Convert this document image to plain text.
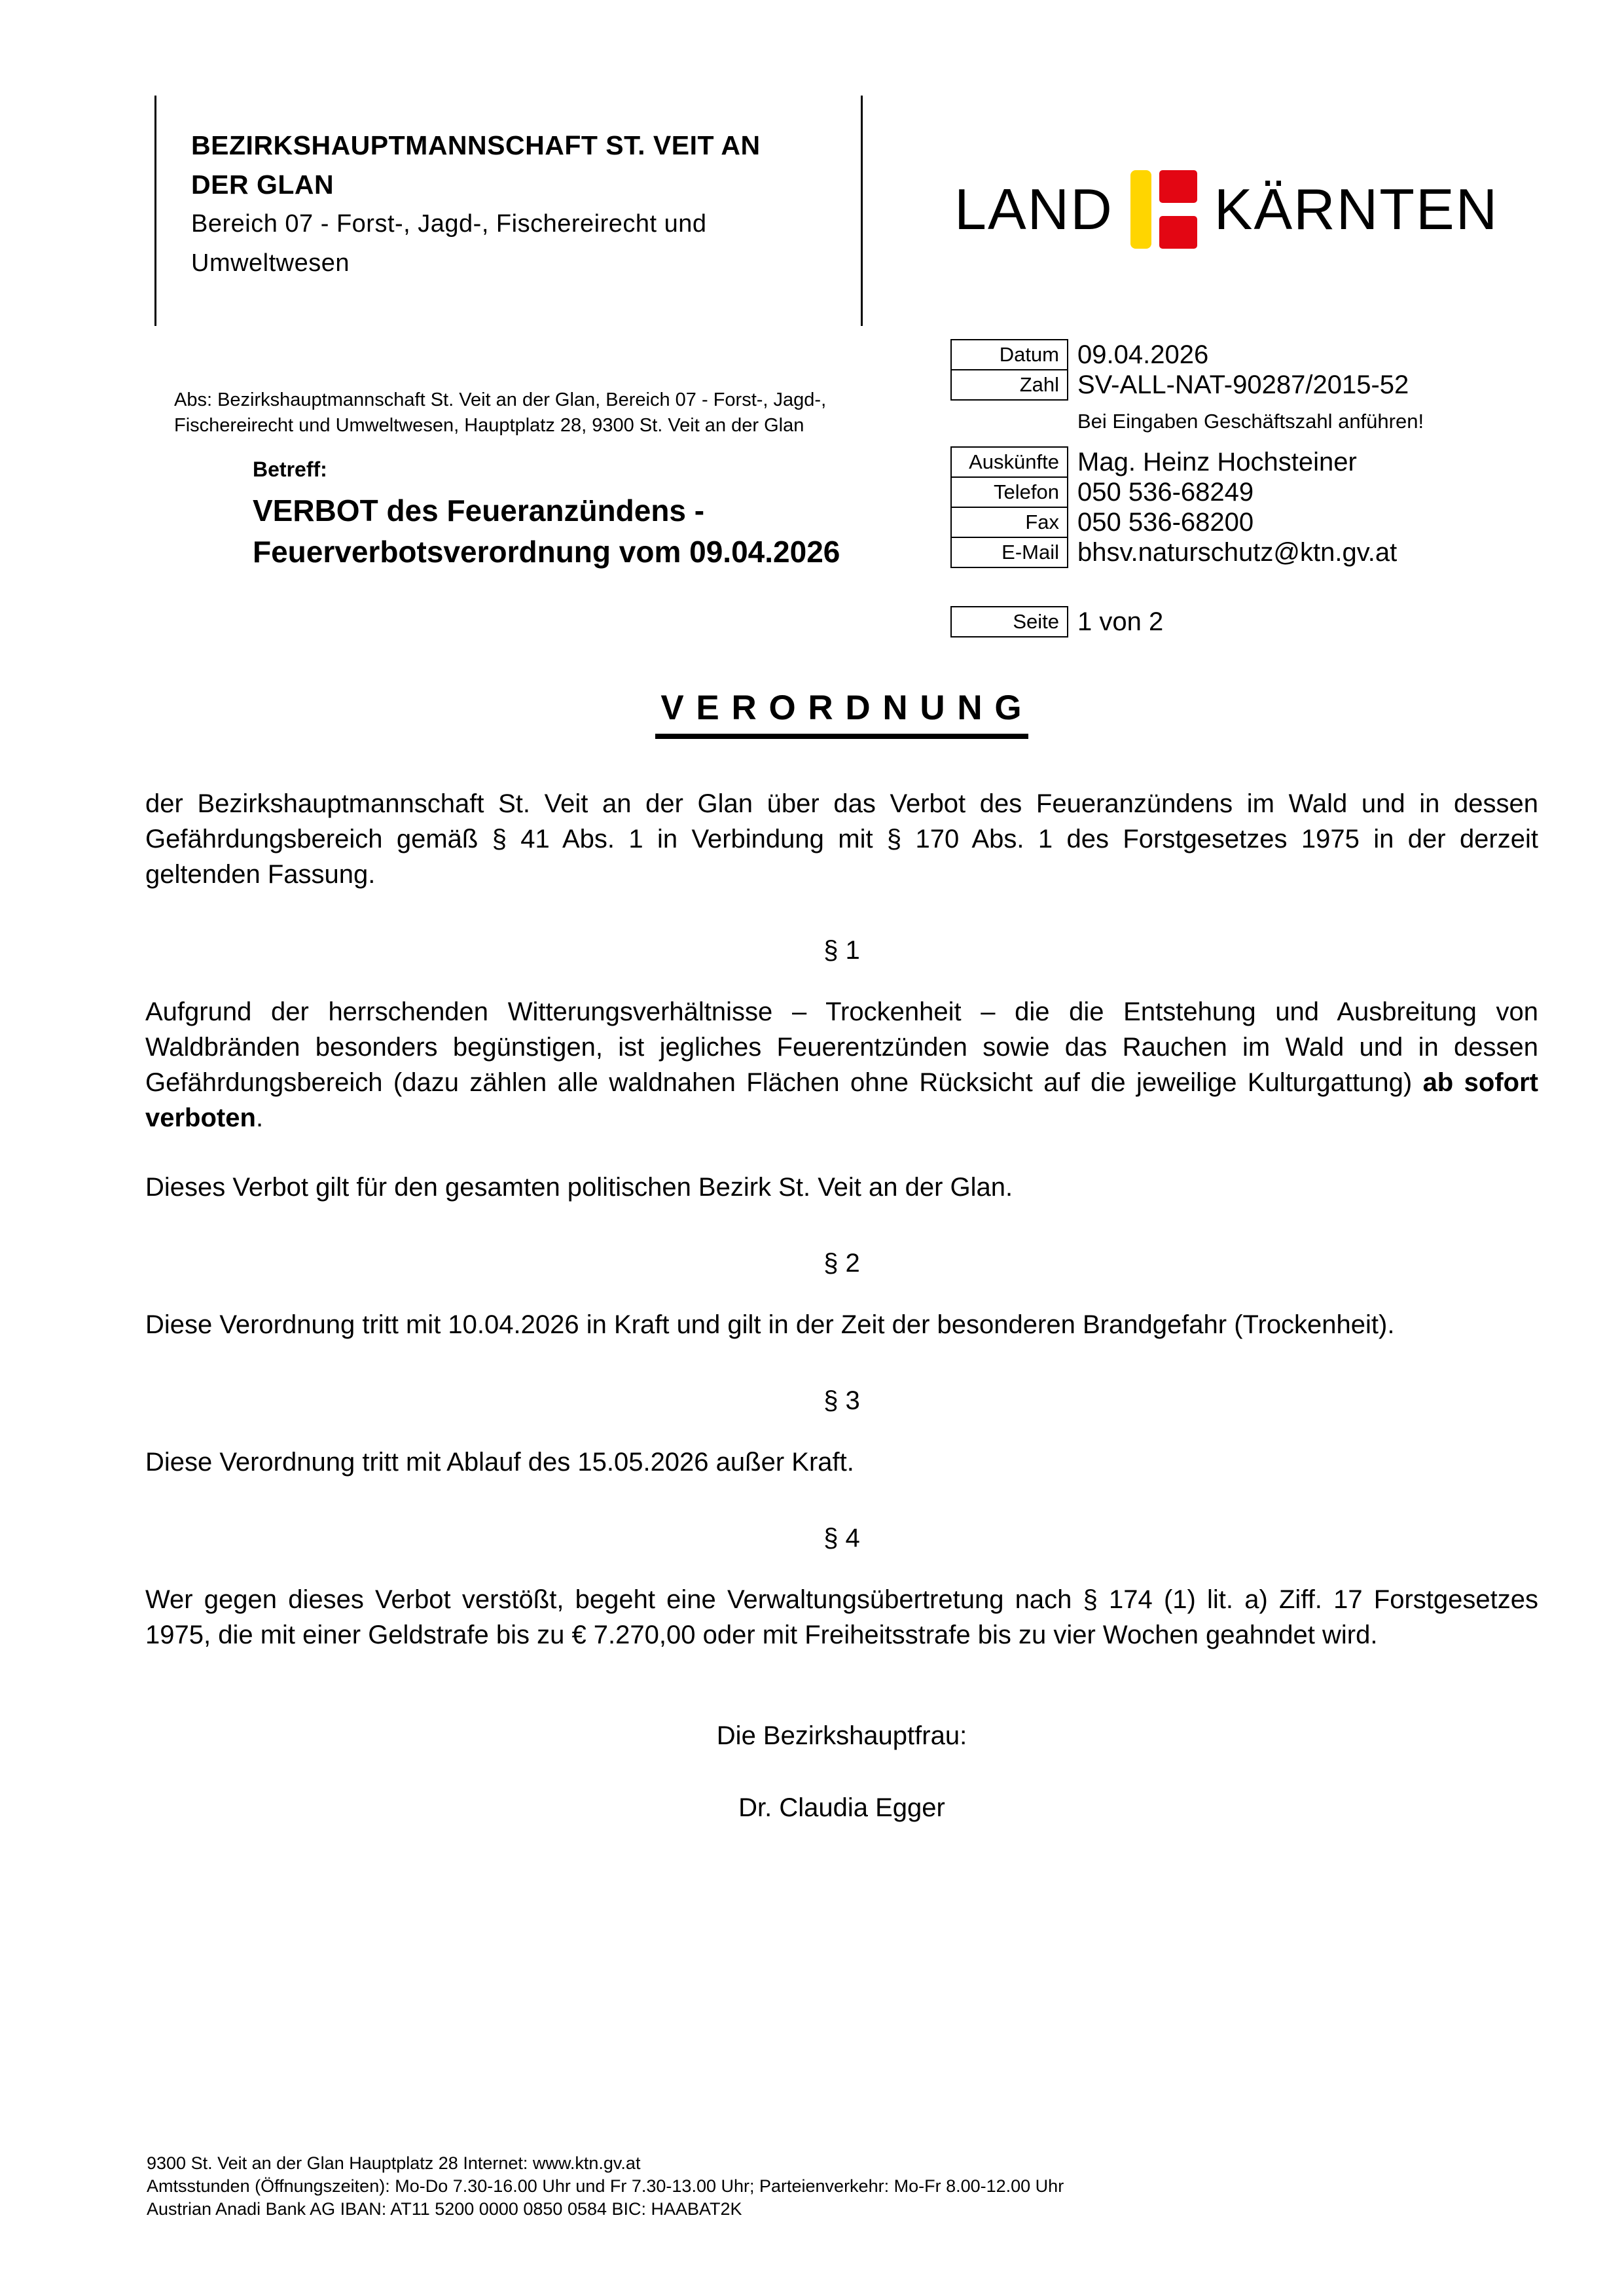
BEZIRKSHAUPTMANNSCHAFT ST. VEIT AN
DER GLAN
Bereich 07 - Forst-, Jagd-, Fischereirecht und
Umweltwesen
LAND KÄRNTEN
Abs: Bezirkshauptmannschaft St. Veit an der Glan, Bereich 07 - Forst-, Jagd-,
Fischereirecht und Umweltwesen, Hauptplatz 28, 9300 St. Veit an der Glan
Betreff:
VERBOT des Feueranzündens -
Feuerverbotsverordnung vom 09.04.2026
Datum 09.04.2026
Zahl SV-ALL-NAT-90287/2015-52
Bei Eingaben Geschäftszahl anführen!
Auskünfte Mag. Heinz Hochsteiner
Telefon 050 536-68249
Fax 050 536-68200
E-Mail bhsv.naturschutz@ktn.gv.at
Seite 1 von 2
V E R O R D N U N G

der Bezirkshauptmannschaft St. Veit an der Glan über das Verbot des Feueranzündens im Wald und in dessen Gefährdungsbereich gemäß § 41 Abs. 1 in Verbindung mit § 170 Abs. 1 des Forstgesetzes 1975 in der derzeit geltenden Fassung.

§ 1

Aufgrund der herrschenden Witterungsverhältnisse – Trockenheit – die die Entstehung und Ausbreitung von Waldbränden besonders begünstigen, ist jegliches Feuerentzünden sowie das Rauchen im Wald und in dessen Gefährdungsbereich (dazu zählen alle waldnahen Flächen ohne Rücksicht auf die jeweilige Kulturgattung) ab sofort verboten.

Dieses Verbot gilt für den gesamten politischen Bezirk St. Veit an der Glan.

§ 2

Diese Verordnung tritt mit 10.04.2026 in Kraft und gilt in der Zeit der besonderen Brandgefahr (Trockenheit).

§ 3

Diese Verordnung tritt mit Ablauf des 15.05.2026 außer Kraft.

§ 4

Wer gegen dieses Verbot verstößt, begeht eine Verwaltungsübertretung nach § 174 (1) lit. a) Ziff. 17 Forstgesetzes 1975, die mit einer Geldstrafe bis zu € 7.270,00 oder mit Freiheitsstrafe bis zu vier Wochen geahndet wird.

Die Bezirkshauptfrau:
Dr. Claudia Egger
9300 St. Veit an der Glan Hauptplatz 28 Internet: www.ktn.gv.at
Amtsstunden (Öffnungszeiten): Mo-Do 7.30-16.00 Uhr und Fr 7.30-13.00 Uhr; Parteienverkehr: Mo-Fr 8.00-12.00 Uhr
Austrian Anadi Bank AG IBAN: AT11 5200 0000 0850 0584 BIC: HAABAT2K
